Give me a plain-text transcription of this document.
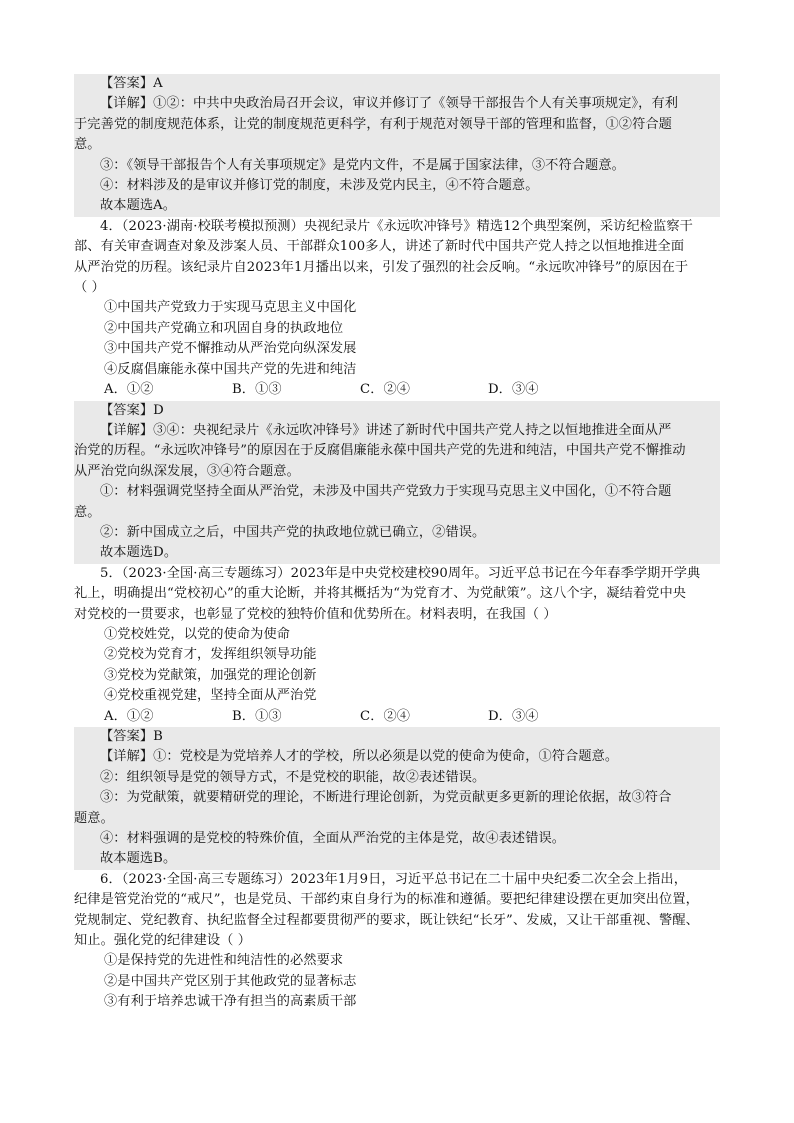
【答案】A
【详解】①②：中共中央政治局召开会议，审议并修订了《领导干部报告个人有关事项规定》，有利
于完善党的制度规范体系，让党的制度规范更科学，有利于规范对领导干部的管理和监督，①②符合题
意。
③：《领导干部报告个人有关事项规定》是党内文件，不是属于国家法律，③不符合题意。
④：材料涉及的是审议并修订党的制度，未涉及党内民主，④不符合题意。
故本题选A。
4．（2023·湖南·校联考模拟预测）央视纪录片《永远吹冲锋号》精选12个典型案例，采访纪检监察干
部、有关审查调查对象及涉案人员、干部群众100多人，讲述了新时代中国共产党人持之以恒地推进全面
从严治党的历程。该纪录片自2023年1月播出以来，引发了强烈的社会反响。“永远吹冲锋号”的原因在于
（ ）
①中国共产党致力于实现马克思主义中国化
②中国共产党确立和巩固自身的执政地位
③中国共产党不懈推动从严治党向纵深发展
④反腐倡廉能永葆中国共产党的先进和纯洁
A．①②	B．①③	C．②④	D．③④
【答案】D
【详解】③④：央视纪录片《永远吹冲锋号》讲述了新时代中国共产党人持之以恒地推进全面从严
治党的历程。“永远吹冲锋号”的原因在于反腐倡廉能永葆中国共产党的先进和纯洁，中国共产党不懈推动
从严治党向纵深发展，③④符合题意。
①：材料强调党坚持全面从严治党，未涉及中国共产党致力于实现马克思主义中国化，①不符合题
意。
②：新中国成立之后，中国共产党的执政地位就已确立，②错误。
故本题选D。
5．（2023·全国·高三专题练习）2023年是中央党校建校90周年。习近平总书记在今年春季学期开学典
礼上，明确提出“党校初心”的重大论断，并将其概括为“为党育才、为党献策”。这八个字，凝结着党中央
对党校的一贯要求，也彰显了党校的独特价值和优势所在。材料表明，在我国（ ）
①党校姓党，以党的使命为使命
②党校为党育才，发挥组织领导功能
③党校为党献策，加强党的理论创新
④党校重视党建，坚持全面从严治党
A．①②	B．①③	C．②④	D．③④
【答案】B
【详解】①：党校是为党培养人才的学校，所以必须是以党的使命为使命，①符合题意。
②：组织领导是党的领导方式，不是党校的职能，故②表述错误。
③：为党献策，就要精研党的理论，不断进行理论创新，为党贡献更多更新的理论依据，故③符合
题意。
④：材料强调的是党校的特殊价值，全面从严治党的主体是党，故④表述错误。
故本题选B。
6．（2023·全国·高三专题练习）2023年1月9日，习近平总书记在二十届中央纪委二次全会上指出，
纪律是管党治党的“戒尺”，也是党员、干部约束自身行为的标准和遵循。要把纪律建设摆在更加突出位置，
党规制定、党纪教育、执纪监督全过程都要贯彻严的要求，既让铁纪“长牙”、发威，又让干部重视、警醒、
知止。强化党的纪律建设（ ）
①是保持党的先进性和纯洁性的必然要求
②是中国共产党区别于其他政党的显著标志
③有利于培养忠诚干净有担当的高素质干部
